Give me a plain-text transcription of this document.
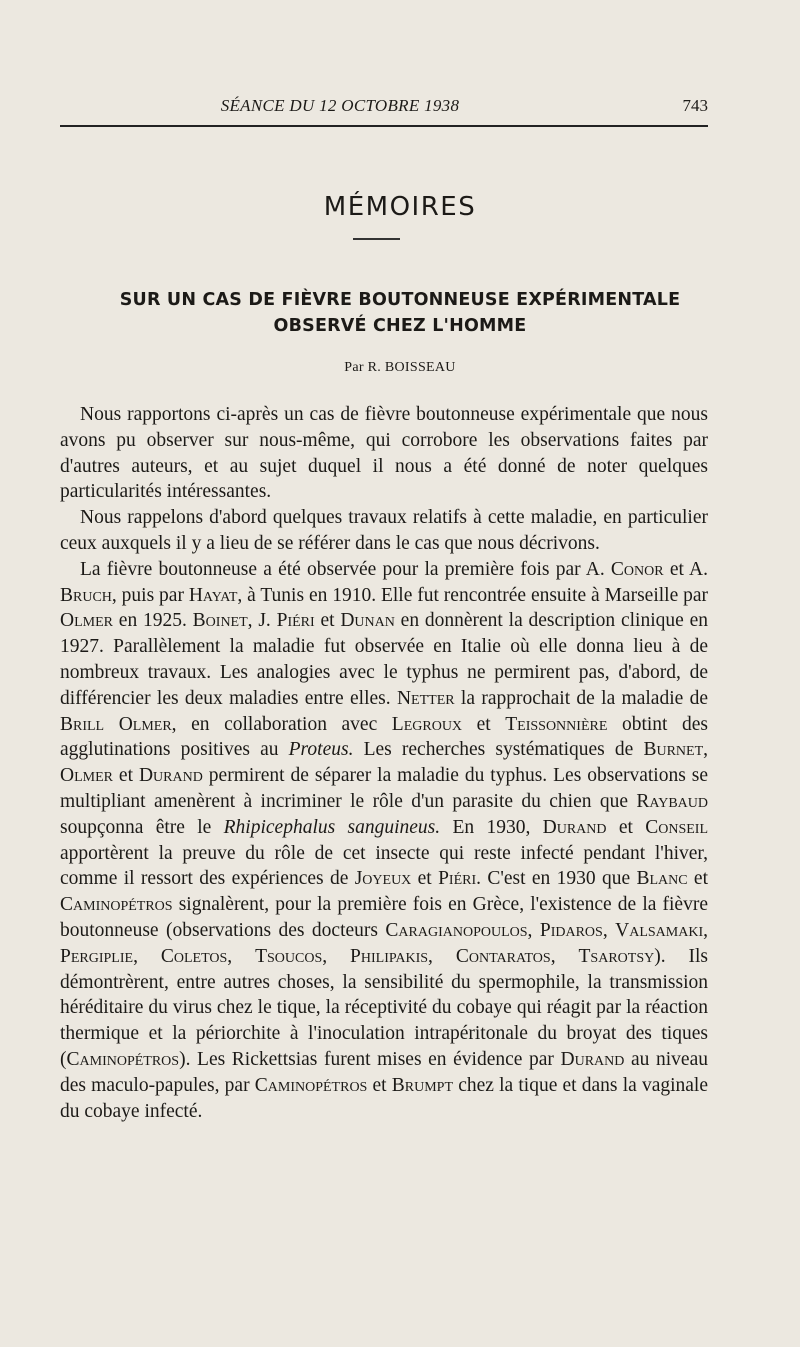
SÉANCE DU 12 OCTOBRE 1938	743
MÉMOIRES
SUR UN CAS DE FIÈVRE BOUTONNEUSE EXPÉRIMENTALE
OBSERVÉ CHEZ L'HOMME
Par R. BOISSEAU

Nous rapportons ci-après un cas de fièvre boutonneuse expérimentale que nous avons pu observer sur nous-même, qui corrobore les observations faites par d'autres auteurs, et au sujet duquel il nous a été donné de noter quelques particularités intéressantes.

Nous rappelons d'abord quelques travaux relatifs à cette maladie, en particulier ceux auxquels il y a lieu de se référer dans le cas que nous décrivons.

La fièvre boutonneuse a été observée pour la première fois par A. Conor et A. Bruch, puis par Hayat, à Tunis en 1910. Elle fut rencontrée ensuite à Marseille par Olmer en 1925. Boinet, J. Piéri et Dunan en donnèrent la description clinique en 1927. Parallèlement la maladie fut observée en Italie où elle donna lieu à de nombreux travaux. Les analogies avec le typhus ne permirent pas, d'abord, de différencier les deux maladies entre elles. Netter la rapprochait de la maladie de Brill Olmer, en collaboration avec Legroux et Teissonnière obtint des agglutinations positives au Proteus. Les recherches systématiques de Burnet, Olmer et Durand permirent de séparer la maladie du typhus. Les observations se multipliant amenèrent à incriminer le rôle d'un parasite du chien que Raybaud soupçonna être le Rhipicephalus sanguineus. En 1930, Durand et Conseil apportèrent la preuve du rôle de cet insecte qui reste infecté pendant l'hiver, comme il ressort des expériences de Joyeux et Piéri. C'est en 1930 que Blanc et Caminopétros signalèrent, pour la première fois en Grèce, l'existence de la fièvre boutonneuse (observations des docteurs Caragianopoulos, Pidaros, Valsamaki, Pergiplie, Coletos, Tsoucos, Philipakis, Contaratos, Tsarotsy). Ils démontrèrent, entre autres choses, la sensibilité du spermophile, la transmission héréditaire du virus chez le tique, la réceptivité du cobaye qui réagit par la réaction thermique et la périorchite à l'inoculation intrapéritonale du broyat des tiques (Caminopétros). Les Rickettsias furent mises en évidence par Durand au niveau des maculo-papules, par Caminopétros et Brumpt chez la tique et dans la vaginale du cobaye infecté.
